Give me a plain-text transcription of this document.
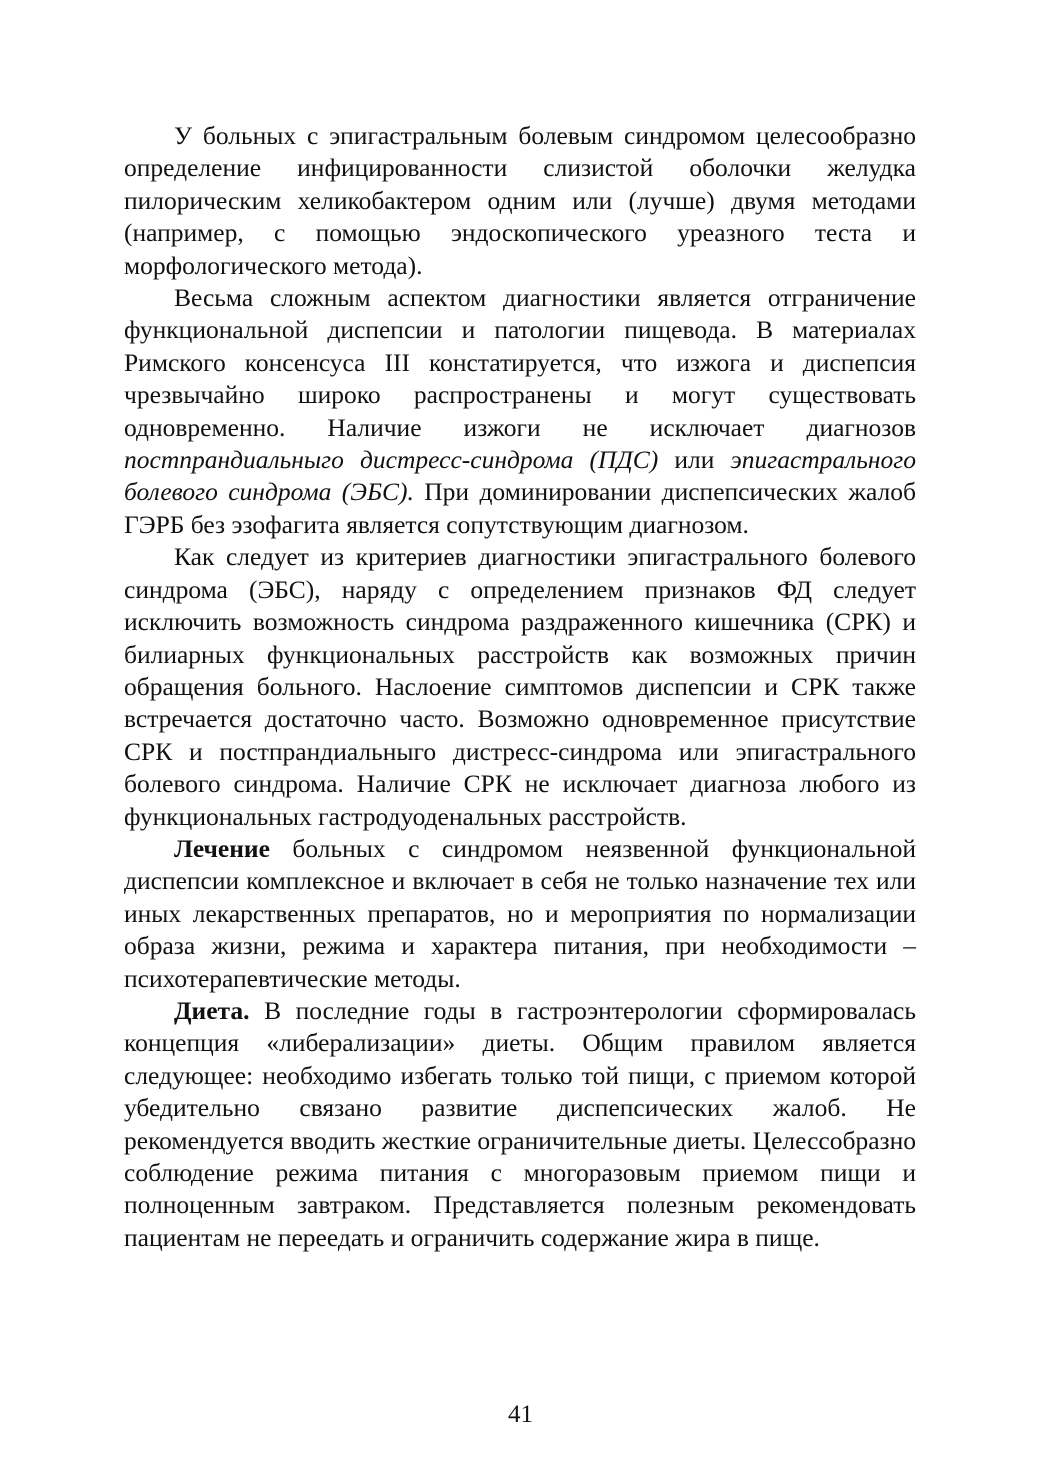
У больных с эпигастральным болевым синдромом целесообразно определение инфицированности слизистой оболочки желудка пилорическим хеликобактером одним или (лучше) двумя методами (например, с помощью эндоскопического уреазного теста и морфологического метода).

Весьма сложным аспектом диагностики является отграничение функциональной диспепсии и патологии пищевода. В материалах Римского консенсуса III констатируется, что изжога и диспепсия чрезвычайно широко распространены и могут существовать одновременно. Наличие изжоги не исключает диагнозов постпрандиальныго дистресс-синдрома (ПДС) или эпигастрального болевого синдрома (ЭБС). При доминировании диспепсических жалоб ГЭРБ без эзофагита является сопутствующим диагнозом.

Как следует из критериев диагностики эпигастрального болевого синдрома (ЭБС), наряду с определением признаков ФД следует исключить возможность синдрома раздраженного кишечника (СРК) и билиарных функциональных расстройств как возможных причин обращения больного. Наслоение симптомов диспепсии и СРК также встречается достаточно часто. Возможно одновременное присутствие СРК и постпрандиальныго дистресс-синдрома или эпигастрального болевого синдрома. Наличие СРК не исключает диагноза любого из функциональных гастродуоденальных расстройств.

Лечение больных с синдромом неязвенной функциональной диспепсии комплексное и включает в себя не только назначение тех или иных лекарственных препаратов, но и мероприятия по нормализации образа жизни, режима и характера питания, при необходимости – психотерапевтические методы.

Диета. В последние годы в гастроэнтерологии сформировалась концепция «либерализации» диеты. Общим правилом является следующее: необходимо избегать только той пищи, с приемом которой убедительно связано развитие диспепсических жалоб. Не рекомендуется вводить жесткие ограничительные диеты. Целессобразно соблюдение режима питания с многоразовым приемом пищи и полноценным завтраком. Представляется полезным рекомендовать пациентам не переедать и ограничить содержание жира в пище.

41
